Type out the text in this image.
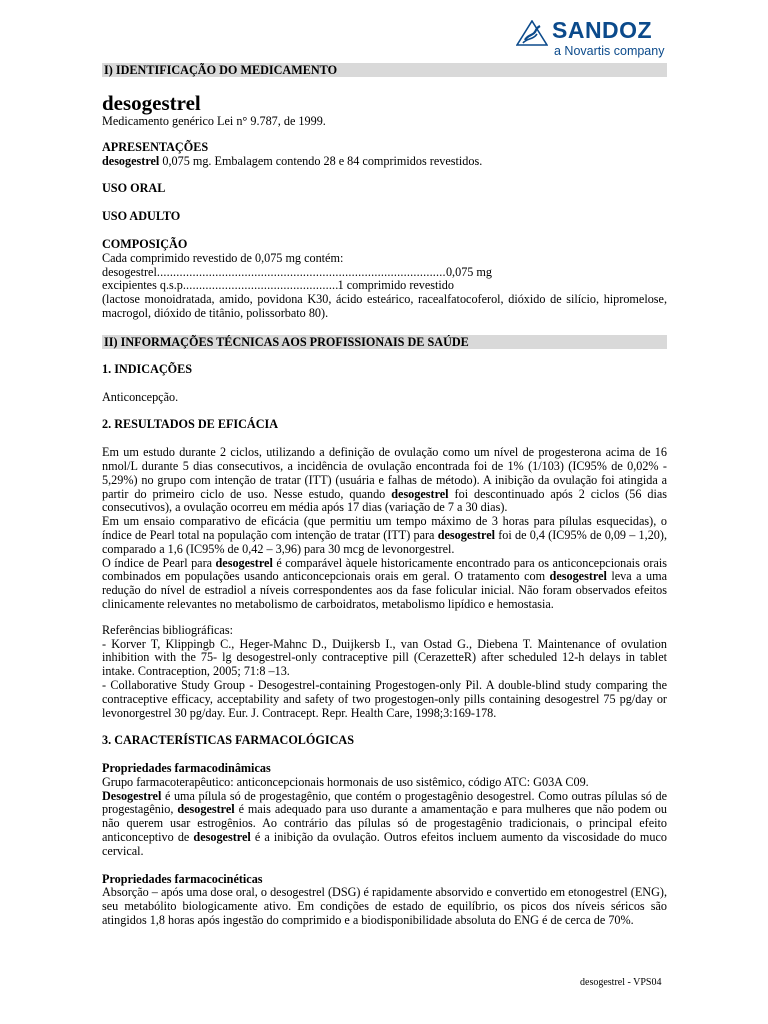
SANDOZ
a Novartis company
I) IDENTIFICAÇÃO DO MEDICAMENTO
desogestrel

Medicamento genérico Lei n° 9.787, de 1999.

APRESENTAÇÕES

desogestrel 0,075 mg. Embalagem contendo 28 e 84 comprimidos revestidos.

USO ORAL
USO ADULTO
COMPOSIÇÃO

Cada comprimido revestido de 0,075 mg contém:

desogestrel .....	0,075 mg
excipientes q.s.p. .....	1 comprimido revestido

(lactose monoidratada, amido, povidona K30, ácido esteárico, racealfatocoferol, dióxido de silício, hipromelose, macrogol, dióxido de titânio, polissorbato 80).

II) INFORMAÇÕES TÉCNICAS AOS PROFISSIONAIS DE SAÚDE
1. INDICAÇÕES

Anticoncepção.

2. RESULTADOS DE EFICÁCIA

Em um estudo durante 2 ciclos, utilizando a definição de ovulação como um nível de progesterona acima de 16 nmol/L durante 5 dias consecutivos, a incidência de ovulação encontrada foi de 1% (1/103) (IC95% de 0,02% - 5,29%) no grupo com intenção de tratar (ITT) (usuária e falhas de método). A inibição da ovulação foi atingida a partir do primeiro ciclo de uso. Nesse estudo, quando desogestrel foi descontinuado após 2 ciclos (56 dias consecutivos), a ovulação ocorreu em média após 17 dias (variação de 7 a 30 dias).

Em um ensaio comparativo de eficácia (que permitiu um tempo máximo de 3 horas para pílulas esquecidas), o índice de Pearl total na população com intenção de tratar (ITT) para desogestrel foi de 0,4 (IC95% de 0,09 – 1,20), comparado a 1,6 (IC95% de 0,42 – 3,96) para 30 mcg de levonorgestrel.

O índice de Pearl para desogestrel é comparável àquele historicamente encontrado para os anticoncepcionais orais combinados em populações usando anticoncepcionais orais em geral. O tratamento com desogestrel leva a uma redução do nível de estradiol a níveis correspondentes aos da fase folicular inicial. Não foram observados efeitos clinicamente relevantes no metabolismo de carboidratos, metabolismo lipídico e hemostasia.

Referências bibliográficas:

- Korver T, Klippingb C., Heger-Mahnc D., Duijkersb I., van Ostad G., Diebena T. Maintenance of ovulation inhibition with the 75- lg desogestrel-only contraceptive pill (CerazetteR) after scheduled 12-h delays in tablet intake. Contraception, 2005; 71:8 –13.

- Collaborative Study Group - Desogestrel-containing Progestogen-only Pil. A double-blind study comparing the contraceptive efficacy, acceptability and safety of two progestogen-only pills containing desogestrel 75 pg/day or levonorgestrel 30 pg/day. Eur. J. Contracept. Repr. Health Care, 1998;3:169-178.

3. CARACTERÍSTICAS FARMACOLÓGICAS
Propriedades farmacodinâmicas

Grupo farmacoterapêutico: anticoncepcionais hormonais de uso sistêmico, código ATC: G03A C09.

Desogestrel é uma pílula só de progestagênio, que contém o progestagênio desogestrel. Como outras pílulas só de progestagênio, desogestrel é mais adequado para uso durante a amamentação e para mulheres que não podem ou não querem usar estrogênios. Ao contrário das pílulas só de progestagênio tradicionais, o principal efeito anticonceptivo de desogestrel é a inibição da ovulação. Outros efeitos incluem aumento da viscosidade do muco cervical.

Propriedades farmacocinéticas

Absorção – após uma dose oral, o desogestrel (DSG) é rapidamente absorvido e convertido em etonogestrel (ENG), seu metabólito biologicamente ativo. Em condições de estado de equilíbrio, os picos dos níveis séricos são atingidos 1,8 horas após ingestão do comprimido e a biodisponibilidade absoluta do ENG é de cerca de 70%.

desogestrel - VPS04
